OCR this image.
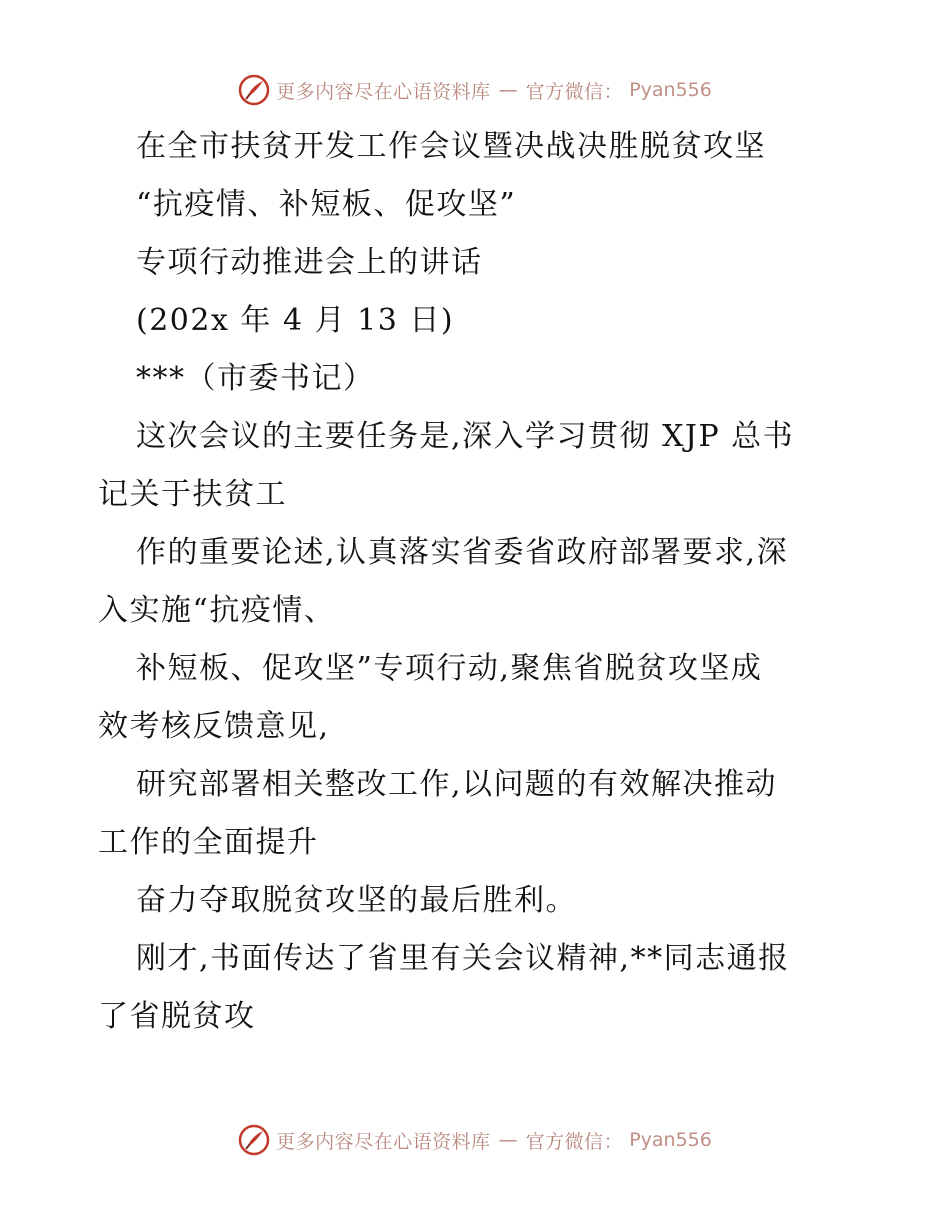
更多内容尽在心语资料库 — 官方微信： Pyan556
在全市扶贫开发工作会议暨决战决胜脱贫攻坚
“抗疫情、补短板、促攻坚”
专项行动推进会上的讲话
(202x 年 4 月 13 日)
***（市委书记）
这次会议的主要任务是,深入学习贯彻 XJP 总书
记关于扶贫工
作的重要论述,认真落实省委省政府部署要求,深
入实施“抗疫情、
补短板、促攻坚”专项行动,聚焦省脱贫攻坚成
效考核反馈意见,
研究部署相关整改工作,以问题的有效解决推动
工作的全面提升
奋力夺取脱贫攻坚的最后胜利。
刚才,书面传达了省里有关会议精神,**同志通报
了省脱贫攻
更多内容尽在心语资料库 — 官方微信： Pyan556
